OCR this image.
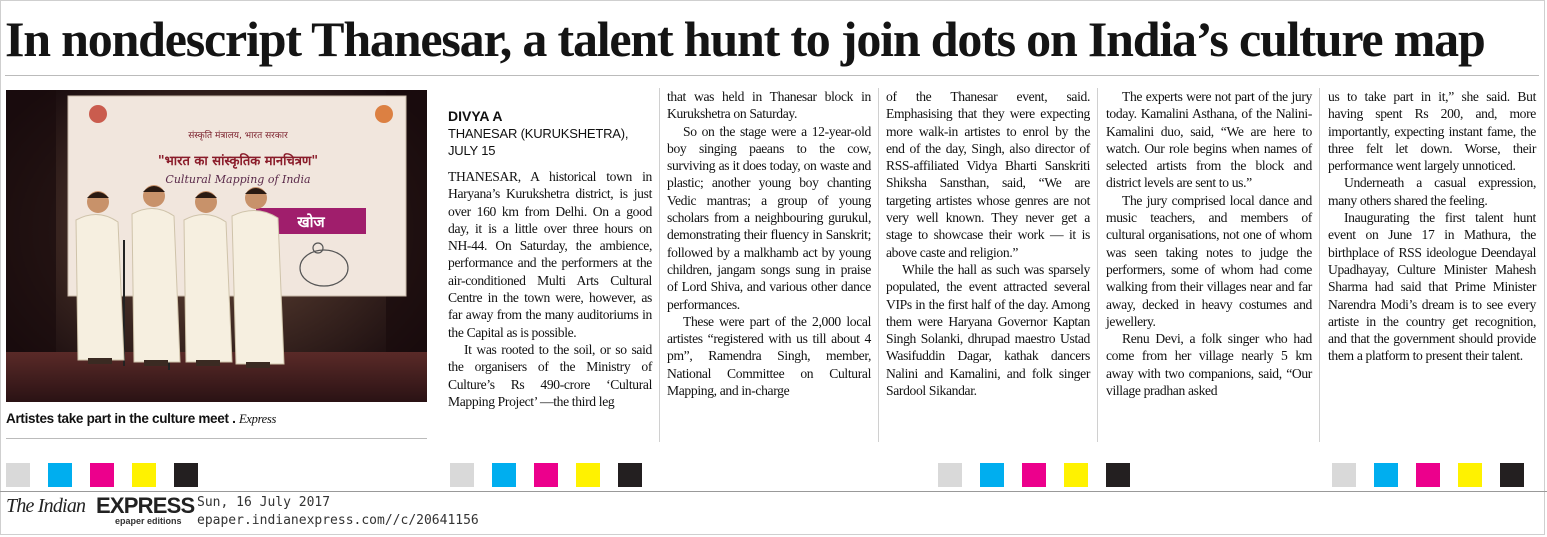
In nondescript Thanesar, a talent hunt to join dots on India’s culture map
संस्कृति मंत्रालय, भारत सरकार
"भारत का सांस्कृतिक मानचित्रण"
Cultural Mapping of India
खोज
Artistes take part in the culture meet . Express
DIVYA A
THANESAR (KURUKSHETRA), JULY 15

THANESAR, A historical town in Haryana’s Kurukshetra district, is just over 160 km from Delhi. On a good day, it is a little over three hours on NH-44. On Saturday, the ambience, performance and the performers at the air-conditioned Multi Arts Cultural Centre in the town were, however, as far away from the many auditoriums in the Capital as is possible.

It was rooted to the soil, or so said the organisers of the Ministry of Culture’s Rs 490-crore ‘Cultural Mapping Project’ —the third leg

that was held in Thanesar block in Kurukshetra on Saturday.

So on the stage were a 12-year-old boy singing paeans to the cow, surviving as it does today, on waste and plastic; another young boy chanting Vedic mantras; a group of young scholars from a neighbouring gurukul, demonstrating their fluency in Sanskrit; followed by a malkhamb act by young children, jangam songs sung in praise of Lord Shiva, and various other dance performances.

These were part of the 2,000 local artistes “registered with us till about 4 pm”, Ramendra Singh, member, National Committee on Cultural Mapping, and in-charge

of the Thanesar event, said. Emphasising that they were expecting more walk-in artistes to enrol by the end of the day, Singh, also director of RSS-affiliated Vidya Bharti Sanskriti Shiksha Sansthan, said, “We are targeting artistes whose genres are not very well known. They never get a stage to showcase their work — it is above caste and religion.”

While the hall as such was sparsely populated, the event attracted several VIPs in the first half of the day. Among them were Haryana Governor Kaptan Singh Solanki, dhrupad maestro Ustad Wasifuddin Dagar, kathak dancers Nalini and Kamalini, and folk singer Sardool Sikandar.

The experts were not part of the jury today. Kamalini Asthana, of the Nalini-Kamalini duo, said, “We are here to watch. Our role begins when names of selected artists from the block and district levels are sent to us.”

The jury comprised local dance and music teachers, and members of cultural organisations, not one of whom was seen taking notes to judge the performers, some of whom had come walking from their villages near and far away, decked in heavy costumes and jewellery.

Renu Devi, a folk singer who had come from her village nearly 5 km away with two companions, said, “Our village pradhan asked

us to take part in it,” she said. But having spent Rs 200, and, more importantly, expecting instant fame, the three felt let down. Worse, their performance went largely unnoticed.

Underneath a casual expression, many others shared the feeling.

Inaugurating the first talent hunt event on June 17 in Mathura, the birthplace of RSS ideologue Deendayal Upadhayay, Culture Minister Mahesh Sharma had said that Prime Minister Narendra Modi’s dream is to see every artiste in the country get recognition, and that the government should provide them a platform to present their talent.

The Indian EXPRESS
epaper editions
Sun, 16 July 2017
epaper.indianexpress.com//c/20641156
